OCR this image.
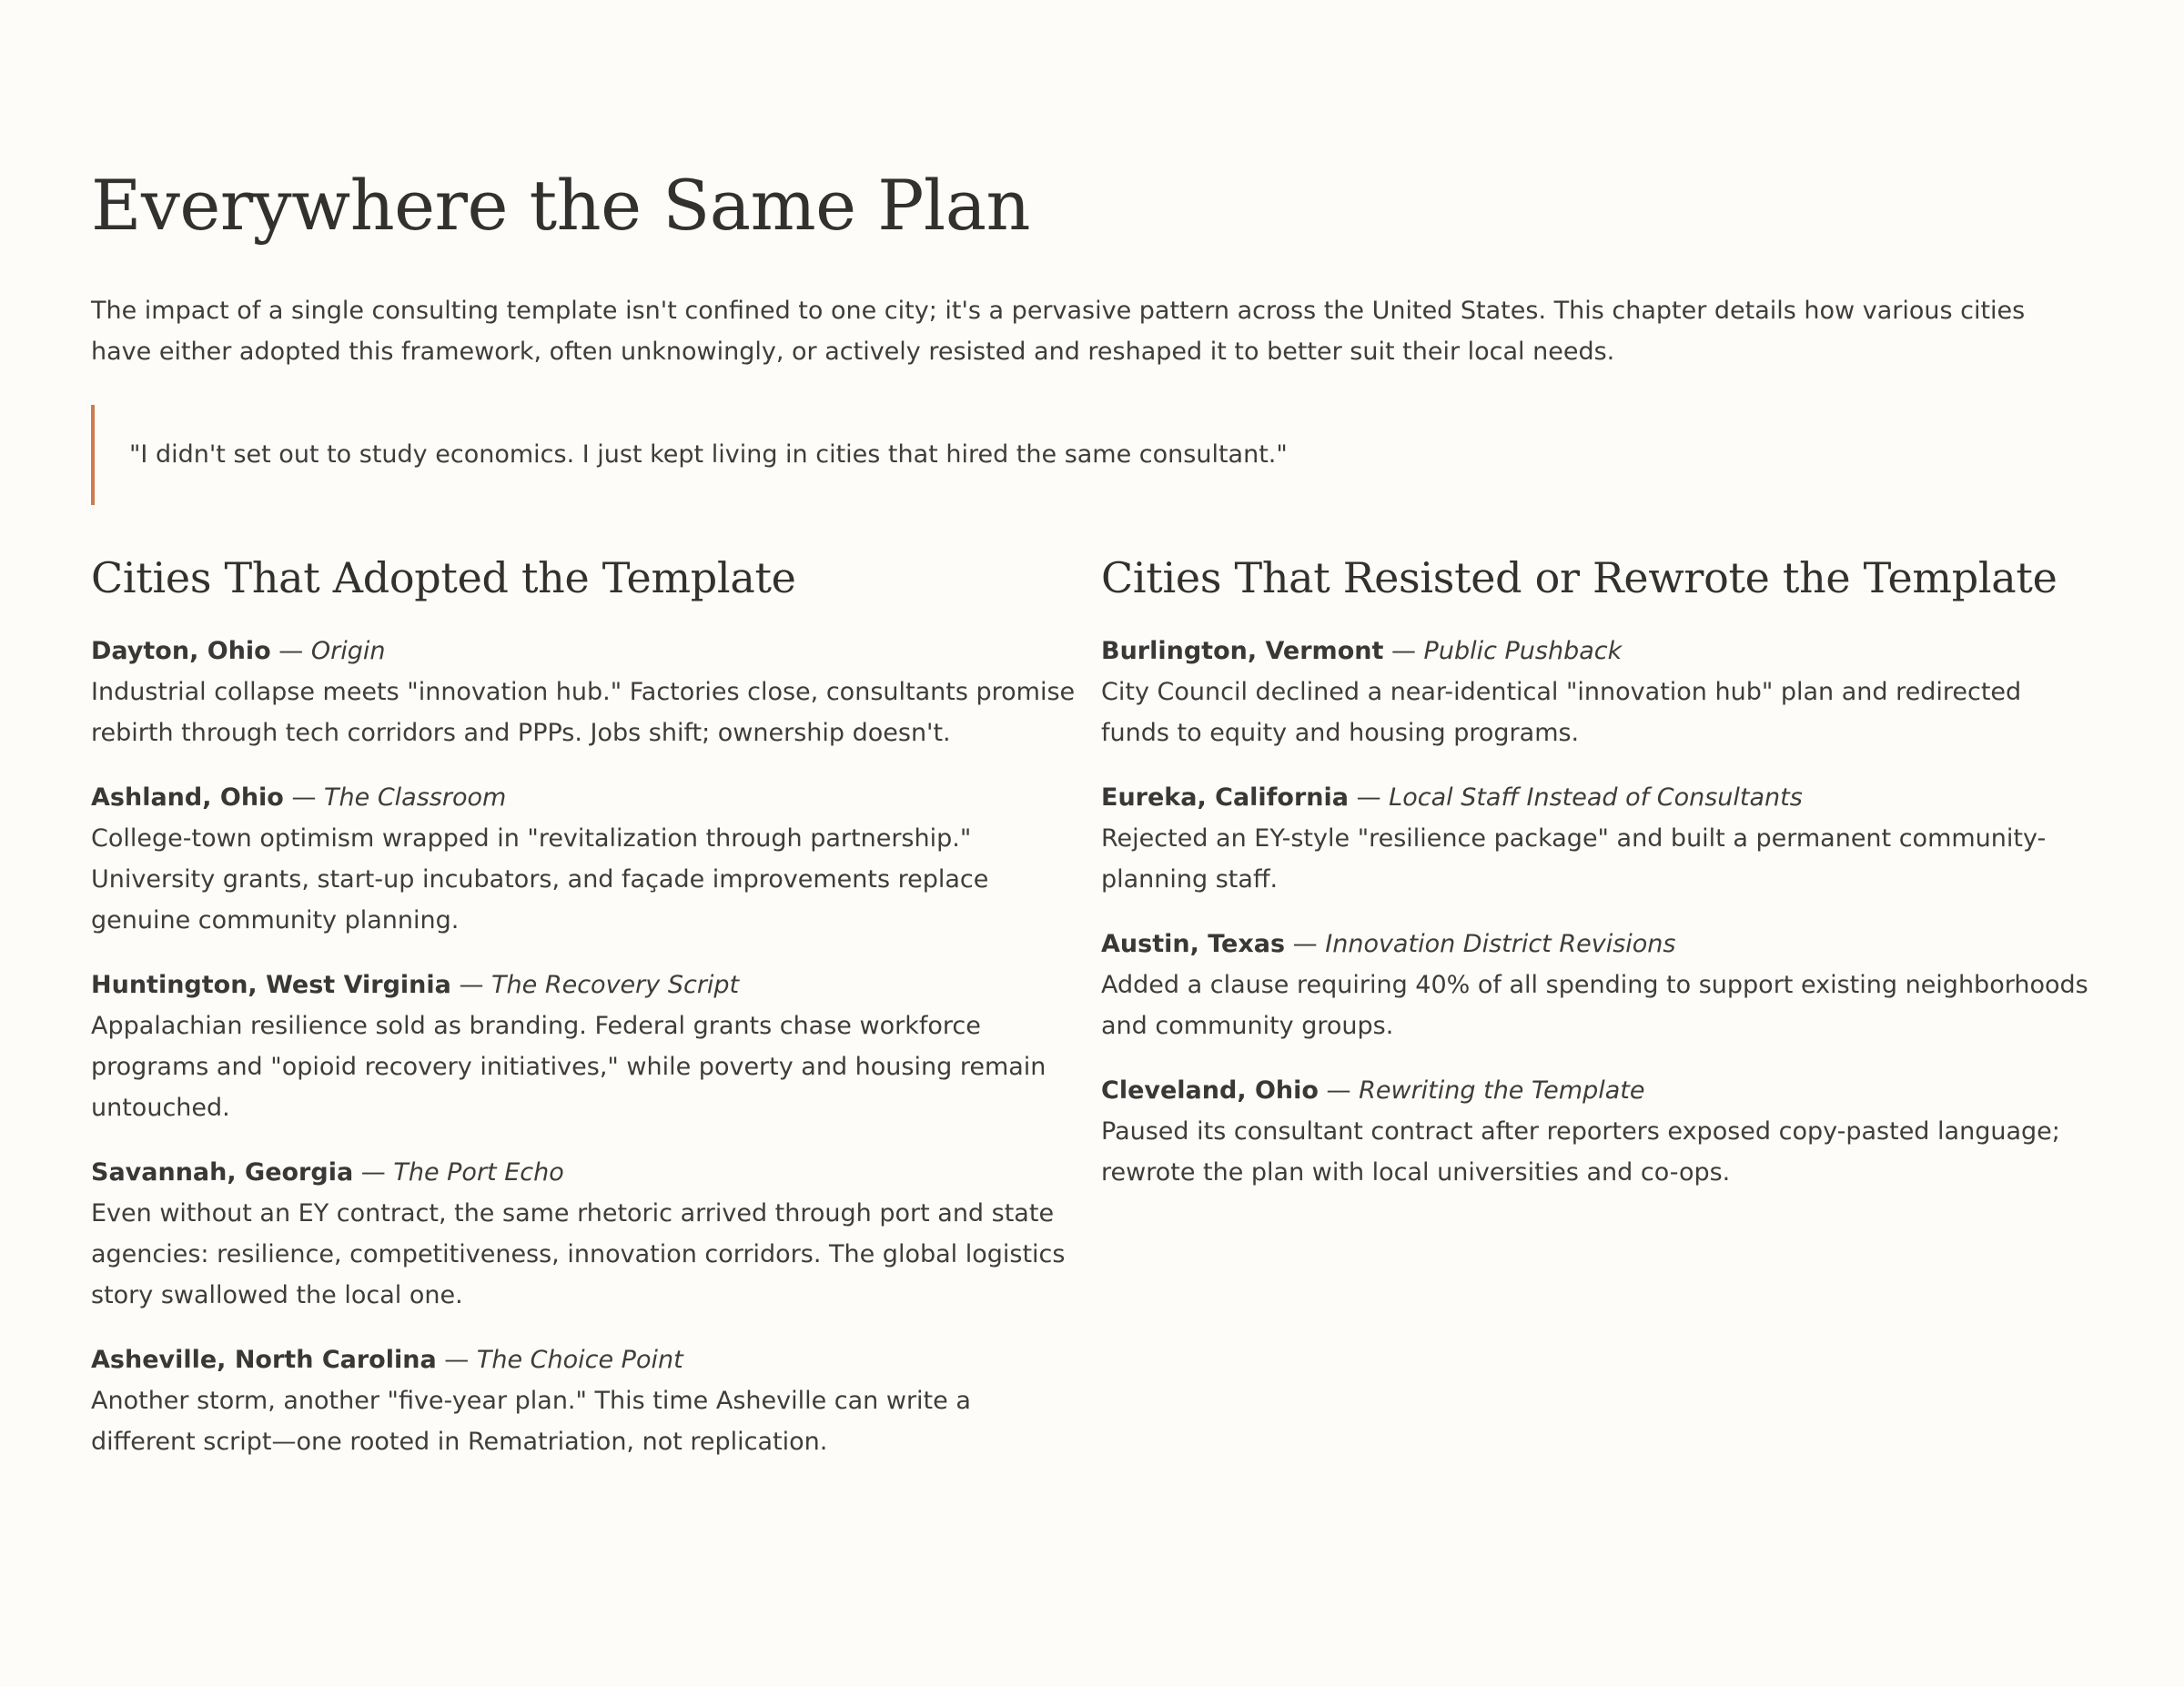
Everywhere the Same Plan

The impact of a single consulting template isn't confined to one city; it's a pervasive pattern across the United States. This chapter details how various cities have either adopted this framework, often unknowingly, or actively resisted and reshaped it to better suit their local needs.

"I didn't set out to study economics. I just kept living in cities that hired the same consultant."
Cities That Adopted the Template
Dayton, Ohio — Origin
Industrial collapse meets "innovation hub." Factories close, consultants promise rebirth through tech corridors and PPPs. Jobs shift; ownership doesn't.
Ashland, Ohio — The Classroom
College-town optimism wrapped in "revitalization through partnership." University grants, start-up incubators, and façade improvements replace genuine community planning.
Huntington, West Virginia — The Recovery Script
Appalachian resilience sold as branding. Federal grants chase workforce programs and "opioid recovery initiatives," while poverty and housing remain untouched.
Savannah, Georgia — The Port Echo
Even without an EY contract, the same rhetoric arrived through port and state agencies: resilience, competitiveness, innovation corridors. The global logistics story swallowed the local one.
Asheville, North Carolina — The Choice Point
Another storm, another "five-year plan." This time Asheville can write a different script—one rooted in Rematriation, not replication.
Cities That Resisted or Rewrote the Template
Burlington, Vermont — Public Pushback
City Council declined a near-identical "innovation hub" plan and redirected funds to equity and housing programs.
Eureka, California — Local Staff Instead of Consultants
Rejected an EY-style "resilience package" and built a permanent community-planning staff.
Austin, Texas — Innovation District Revisions
Added a clause requiring 40% of all spending to support existing neighborhoods and community groups.
Cleveland, Ohio — Rewriting the Template
Paused its consultant contract after reporters exposed copy-pasted language; rewrote the plan with local universities and co-ops.
